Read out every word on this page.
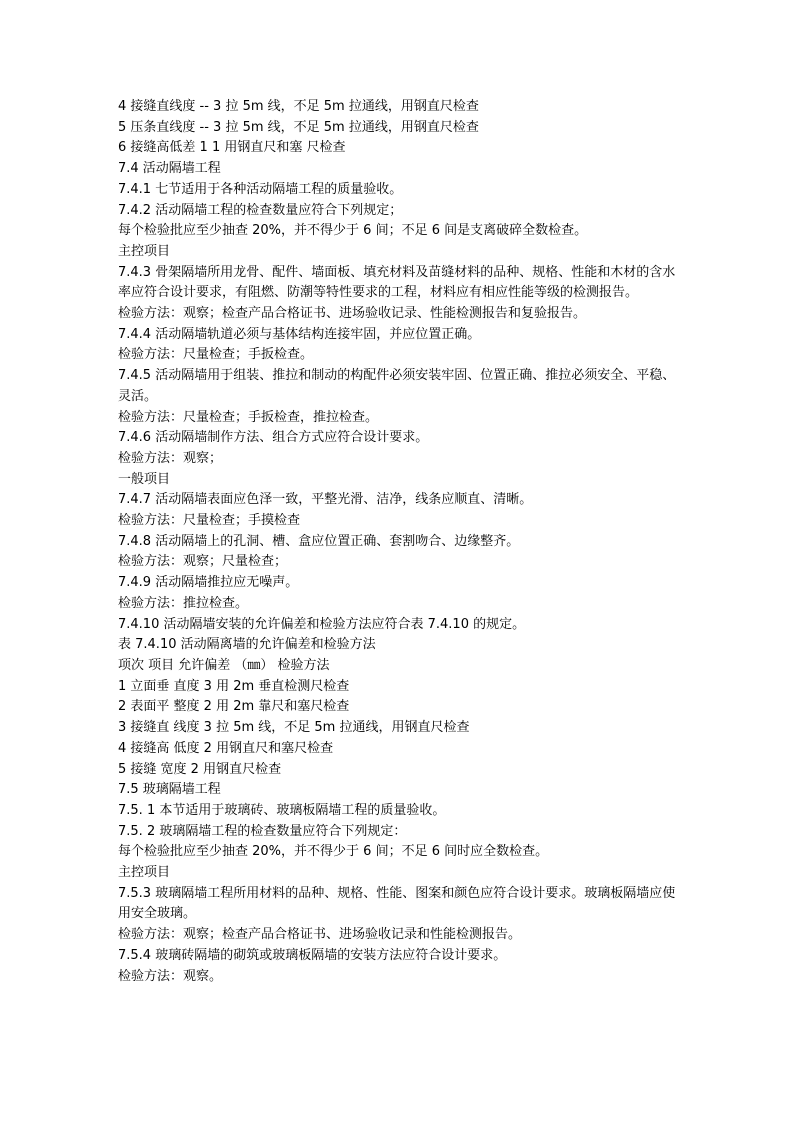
4 接缝直线度 -- 3 拉 5m 线，不足 5m 拉通线，用钢直尺检查
5 压条直线度 -- 3 拉 5m 线，不足 5m 拉通线，用钢直尺检查
6 接缝高低差 1 1 用钢直尺和塞 尺检查
7.4 活动隔墙工程
7.4.1 七节适用于各种活动隔墙工程的质量验收。
7.4.2 活动隔墙工程的检查数量应符合下列规定；
每个检验批应至少抽查 20%，并不得少于 6 间；不足 6 间是支离破碎全数检查。
主控项目
7.4.3 骨架隔墙所用龙骨、配件、墙面板、填充材料及苗缝材料的品种、规格、性能和木材的含水率应符合设计要求，有阻燃、防潮等特性要求的工程，材料应有相应性能等级的检测报告。
检验方法：观察；检查产品合格证书、进场验收记录、性能检测报告和复验报告。
7.4.4 活动隔墙轨道必须与基体结构连接牢固，并应位置正确。
检验方法：尺量检查；手扳检查。
7.4.5 活动隔墙用于组装、推拉和制动的构配件必须安装牢固、位置正确、推拉必须安全、平稳、灵活。
检验方法：尺量检查；手扳检查，推拉检查。
7.4.6 活动隔墙制作方法、组合方式应符合设计要求。
检验方法：观察；
一般项目
7.4.7 活动隔墙表面应色泽一致，平整光滑、洁净，线条应顺直、清晰。
检验方法：尺量检查；手摸检查
7.4.8 活动隔墙上的孔洞、槽、盒应位置正确、套割吻合、边缘整齐。
检验方法：观察；尺量检查；
7.4.9 活动隔墙推拉应无噪声。
检验方法：推拉检查。
7.4.10 活动隔墙安装的允许偏差和检验方法应符合表 7.4.10 的规定。
表 7.4.10 活动隔离墙的允许偏差和检验方法
项次 项目 允许偏差 （㎜） 检验方法
1 立面垂 直度 3 用 2m 垂直检测尺检查
2 表面平 整度 2 用 2m 靠尺和塞尺检查
3 接缝直 线度 3 拉 5m 线，不足 5m 拉通线，用钢直尺检查
4 接缝高 低度 2 用钢直尺和塞尺检查
5 接缝 宽度 2 用钢直尺检查
7.5 玻璃隔墙工程
7.5. 1 本节适用于玻璃砖、玻璃板隔墙工程的质量验收。
7.5. 2 玻璃隔墙工程的检查数量应符合下列规定：
每个检验批应至少抽查 20%，并不得少于 6 间；不足 6 间时应全数检查。
主控项目
7.5.3 玻璃隔墙工程所用材料的品种、规格、性能、图案和颜色应符合设计要求。玻璃板隔墙应使用安全玻璃。
检验方法：观察；检查产品合格证书、进场验收记录和性能检测报告。
7.5.4 玻璃砖隔墙的砌筑或玻璃板隔墙的安装方法应符合设计要求。
检验方法：观察。
